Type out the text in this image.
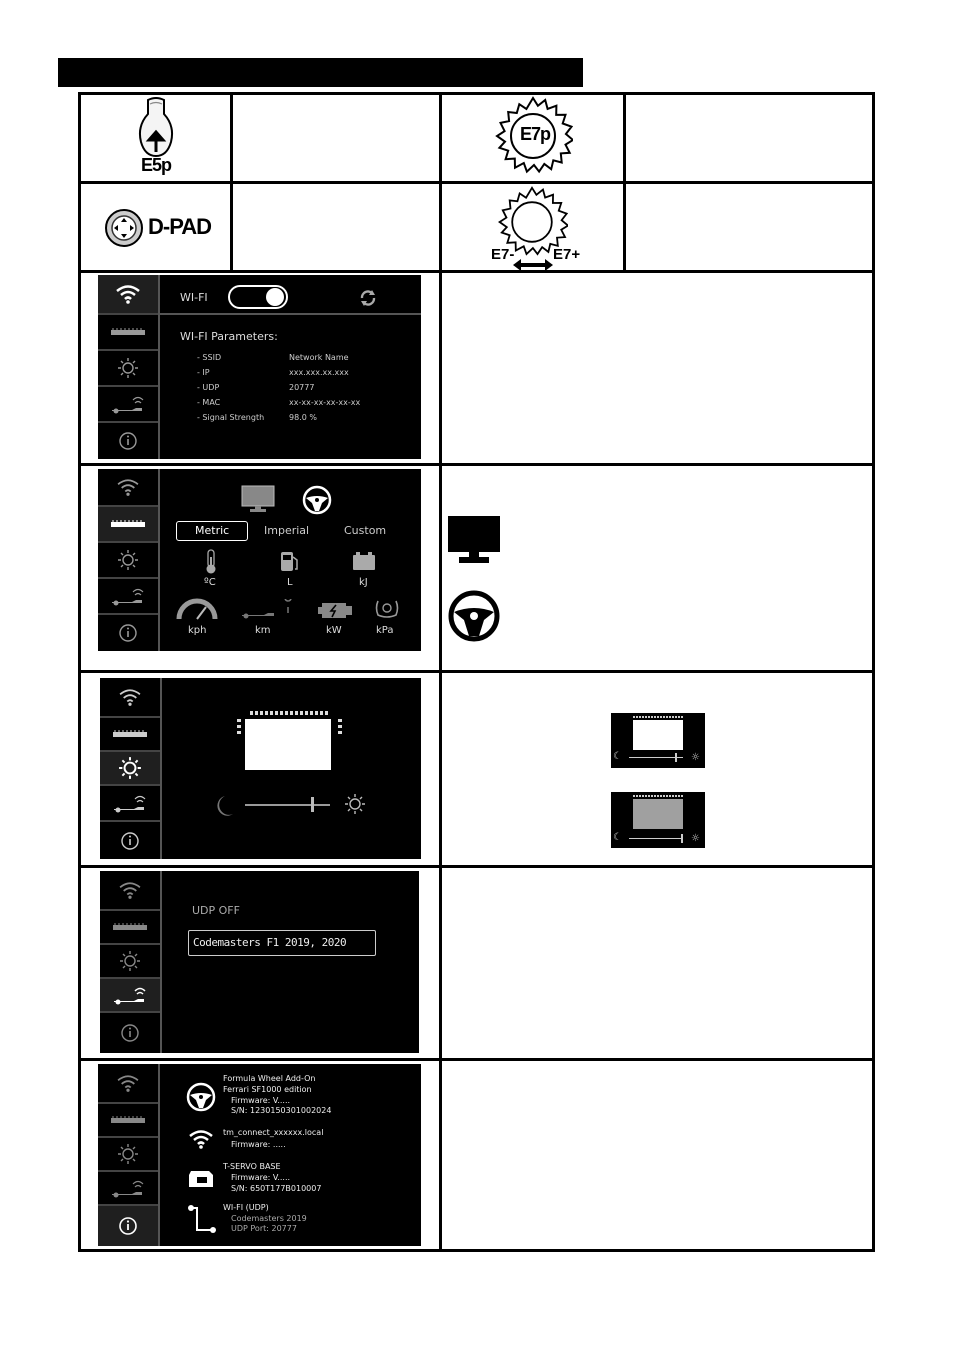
E5p
E7p
D-PAD
E7-	E7+
WI-FI
WI-FI Parameters:
- SSID	Network Name
- IP	xxx.xxx.xx.xxx
- UDP	20777
- MAC	xx-xx-xx-xx-xx-xx
- Signal Strength	98.0 %
Metric	Imperial	Custom
ºC	L	kJ
kph	km	kW	kPa
☾	☼
☾	☼
UDP OFF
Codemasters F1 2019, 2020
Formula Wheel Add-On
Ferrari SF1000 edition
Firmware: V.....
S/N: 1230150301002024
tm_connect_xxxxxx.local
Firmware: .....
T-SERVO BASE
Firmware: V.....
S/N: 650T177B010007
WI-FI (UDP)
Codemasters 2019
UDP Port: 20777
